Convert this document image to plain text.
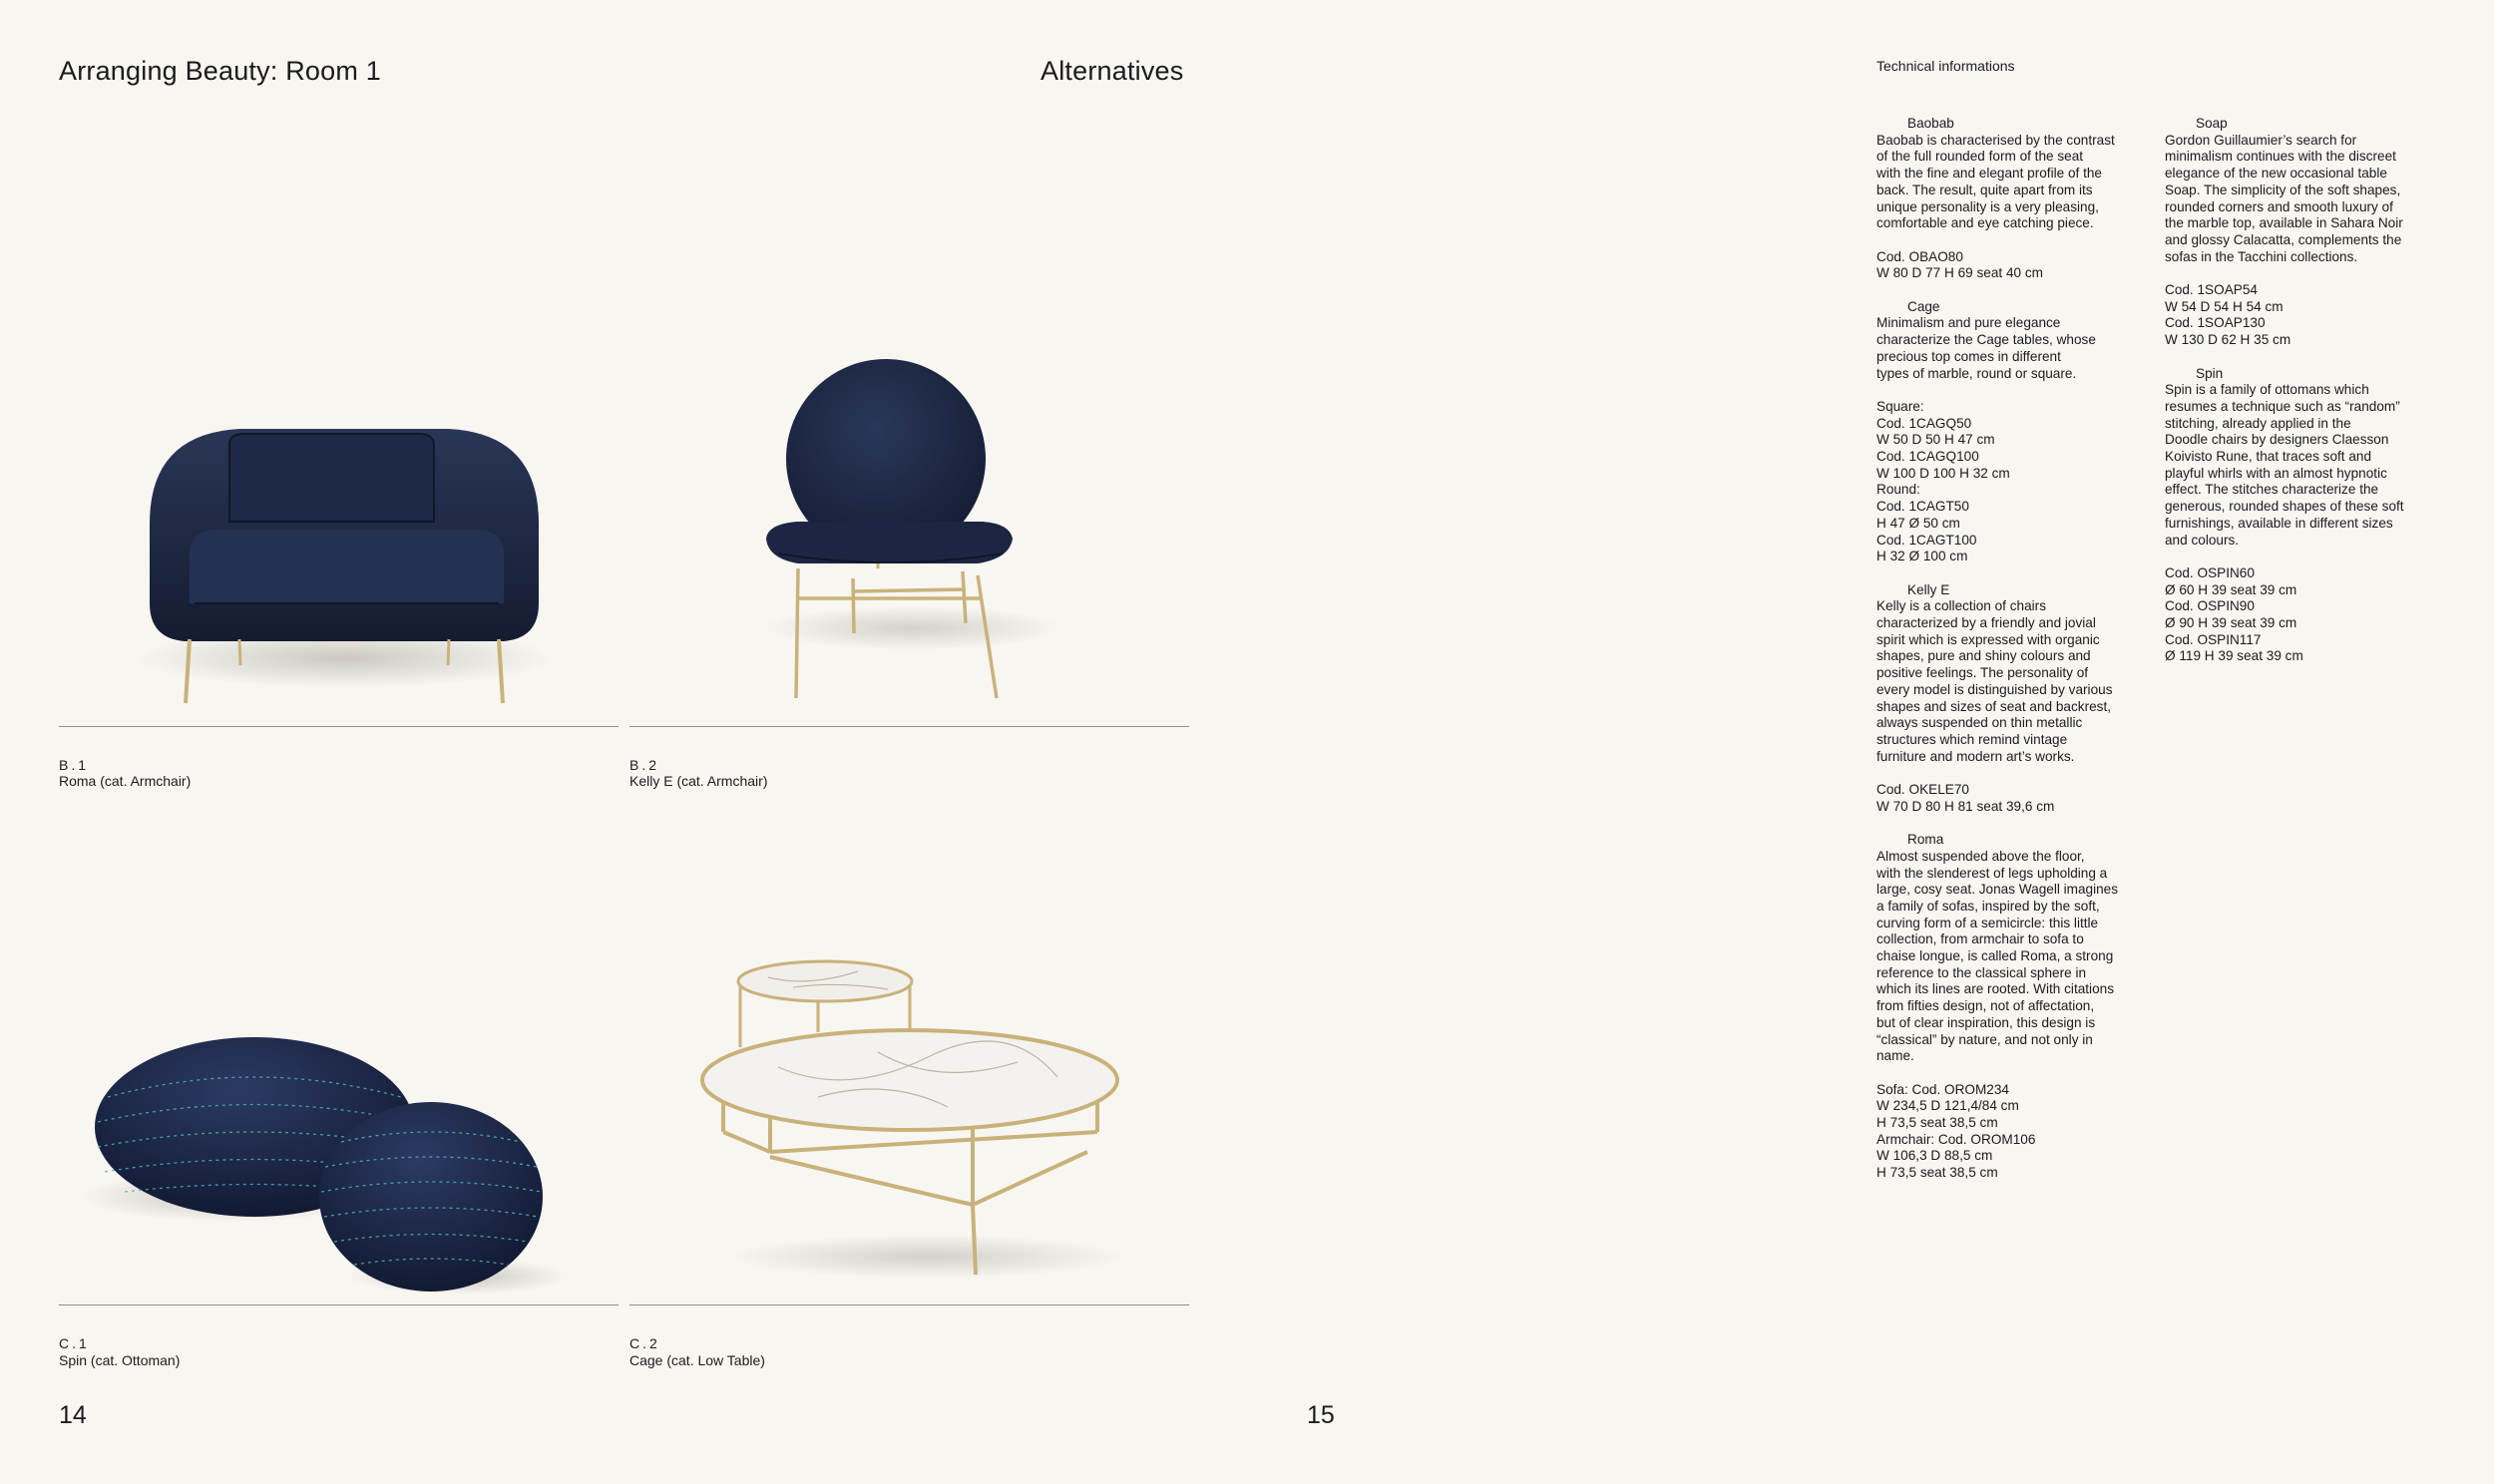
Arranging Beauty: Room 1	Alternatives
B.1
Roma (cat. Armchair)
C.1
Spin (cat. Ottoman)
14
B.2
Kelly E (cat. Armchair)
C.2
Cage (cat. Low Table)
15
Technical informations
Baobab

Baobab is characterised by the contrast
of the full rounded form of the seat
with the fine and elegant profile of the
back. The result, quite apart from its
unique personality is a very pleasing,
comfortable and eye catching piece.

Cod. OBAO80
W 80 D 77 H 69 seat 40 cm

Cage

Minimalism and pure elegance
characterize the Cage tables, whose
precious top comes in different
types of marble, round or square.

Square:
Cod. 1CAGQ50
W 50 D 50 H 47 cm
Cod. 1CAGQ100
W 100 D 100 H 32 cm
Round:
Cod. 1CAGT50
H 47 Ø 50 cm
Cod. 1CAGT100
H 32 Ø 100 cm

Kelly E

Kelly is a collection of chairs
characterized by a friendly and jovial
spirit which is expressed with organic
shapes, pure and shiny colours and
positive feelings. The personality of
every model is distinguished by various
shapes and sizes of seat and backrest,
always suspended on thin metallic
structures which remind vintage
furniture and modern art’s works.

Cod. OKELE70
W 70 D 80 H 81 seat 39,6 cm

Roma

Almost suspended above the floor,
with the slenderest of legs upholding a
large, cosy seat. Jonas Wagell imagines
a family of sofas, inspired by the soft,
curving form of a semicircle: this little
collection, from armchair to sofa to
chaise longue, is called Roma, a strong
reference to the classical sphere in
which its lines are rooted. With citations
from fifties design, not of affectation,
but of clear inspiration, this design is
“classical” by nature, and not only in
name.

Sofa: Cod. OROM234
W 234,5 D 121,4/84 cm
H 73,5 seat 38,5 cm
Armchair: Cod. OROM106
W 106,3 D 88,5 cm
H 73,5 seat 38,5 cm

Soap

Gordon Guillaumier’s search for
minimalism continues with the discreet
elegance of the new occasional table
Soap. The simplicity of the soft shapes,
rounded corners and smooth luxury of
the marble top, available in Sahara Noir
and glossy Calacatta, complements the
sofas in the Tacchini collections.

Cod. 1SOAP54
W 54 D 54 H 54 cm
Cod. 1SOAP130
W 130 D 62 H 35 cm

Spin

Spin is a family of ottomans which
resumes a technique such as “random”
stitching, already applied in the
Doodle chairs by designers Claesson
Koivisto Rune, that traces soft and
playful whirls with an almost hypnotic
effect. The stitches characterize the
generous, rounded shapes of these soft
furnishings, available in different sizes
and colours.

Cod. OSPIN60
Ø 60 H 39 seat 39 cm
Cod. OSPIN90
Ø 90 H 39 seat 39 cm
Cod. OSPIN117
Ø 119 H 39 seat 39 cm
